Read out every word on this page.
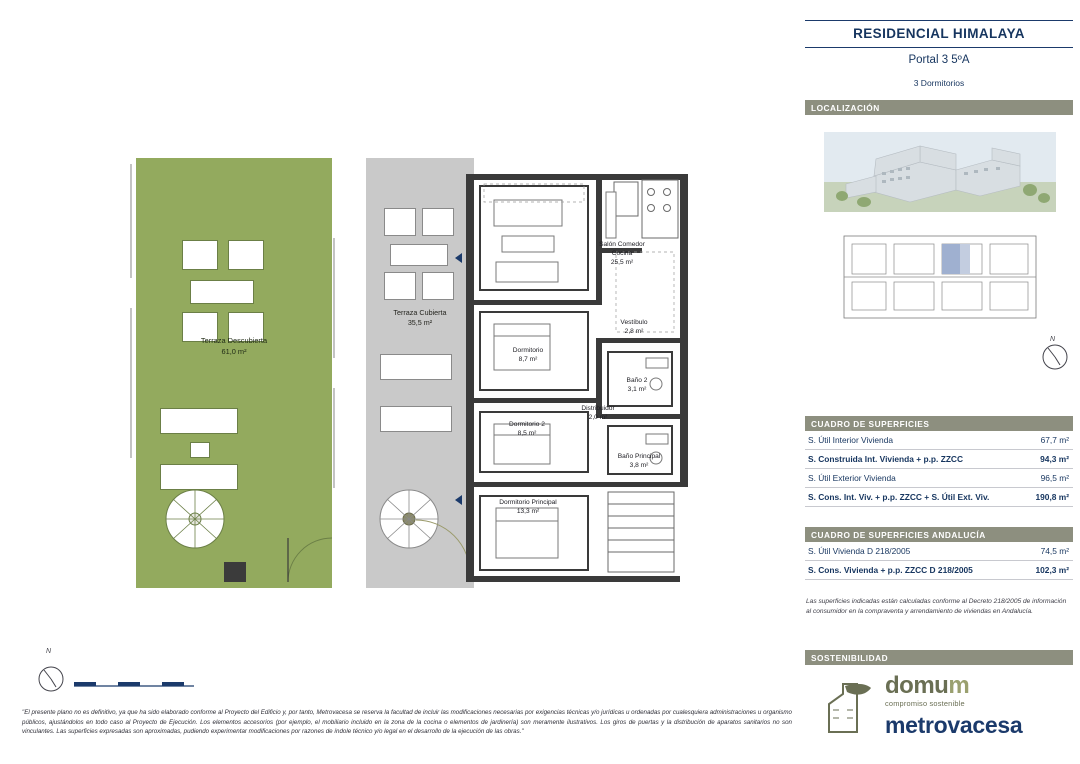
Terraza Descubierta
61,0 m²
Terraza Cubierta
35,5 m²
Salón Comedor Cocina
25,5 m²
Vestíbulo
2,8 m²
Dormitorio
8,7 m²
Baño 2
3,1 m²
Dormitorio 2
8,5 m²
Distribuidor
2,0 m²
Baño Principal
3,8 m²
Dormitorio Principal
13,3 m²
N
"El presente plano no es definitivo, ya que ha sido elaborado conforme al Proyecto del Edificio y, por tanto, Metrovacesa se reserva la facultad de incluir las modificaciones necesarias por exigencias técnicas y/o jurídicas u ordenadas por cualesquiera administraciones u organismo públicos, ajustándolos en todo caso al Proyecto de Ejecución. Los elementos accesorios (por ejemplo, el mobiliario incluido en la zona de la cocina o elementos de jardinería) son meramente ilustrativos. Los giros de puertas y la distribución de aparatos sanitarios no son vinculantes. Las superficies expresadas son aproximadas, pudiendo experimentar modificaciones por razones de índole técnico y/o legal en el desarrollo de la ejecución de las obras."
RESIDENCIAL HIMALAYA
Portal 3 5ºA
3 Dormitorios
LOCALIZACIÓN
N
CUADRO DE SUPERFICIES
S. Útil Interior Vivienda	67,7 m²
S. Construida Int. Vivienda + p.p. ZZCC	94,3 m²
S. Útil Exterior Vivienda	96,5 m²
S. Cons. Int. Viv. + p.p. ZZCC + S. Útil Ext. Viv.	190,8 m²
CUADRO DE SUPERFICIES ANDALUCÍA
S. Útil Vivienda D 218/2005	74,5 m²
S. Cons. Vivienda + p.p. ZZCC D 218/2005	102,3 m²
Las superficies indicadas están calculadas conforme al Decreto 218/2005 de información al consumidor en la compraventa y arrendamiento de viviendas en Andalucía.
SOSTENIBILIDAD
domum
compromiso sostenible
metrovacesa
